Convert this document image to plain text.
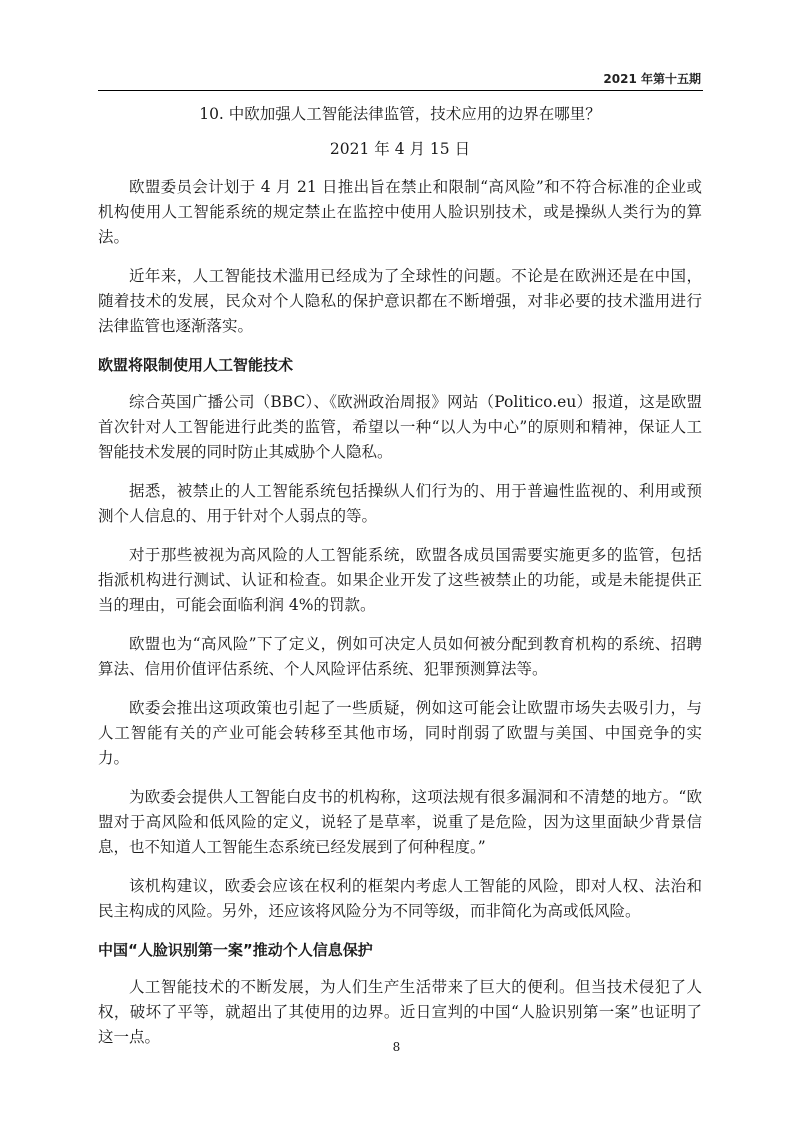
2021 年第十五期

10. 中欧加强人工智能法律监管，技术应用的边界在哪里？

2021 年 4 月 15 日

欧盟委员会计划于 4 月 21 日推出旨在禁止和限制“高风险”和不符合标准的企业或机构使用人工智能系统的规定禁止在监控中使用人脸识别技术，或是操纵人类行为的算法。

近年来，人工智能技术滥用已经成为了全球性的问题。不论是在欧洲还是在中国，随着技术的发展，民众对个人隐私的保护意识都在不断增强，对非必要的技术滥用进行法律监管也逐渐落实。

欧盟将限制使用人工智能技术

综合英国广播公司（BBC）、《欧洲政治周报》网站（Politico.eu）报道，这是欧盟首次针对人工智能进行此类的监管，希望以一种“以人为中心”的原则和精神，保证人工智能技术发展的同时防止其威胁个人隐私。

据悉，被禁止的人工智能系统包括操纵人们行为的、用于普遍性监视的、利用或预测个人信息的、用于针对个人弱点的等。

对于那些被视为高风险的人工智能系统，欧盟各成员国需要实施更多的监管，包括指派机构进行测试、认证和检查。如果企业开发了这些被禁止的功能，或是未能提供正当的理由，可能会面临利润 4%的罚款。

欧盟也为“高风险”下了定义，例如可决定人员如何被分配到教育机构的系统、招聘算法、信用价值评估系统、个人风险评估系统、犯罪预测算法等。

欧委会推出这项政策也引起了一些质疑，例如这可能会让欧盟市场失去吸引力，与人工智能有关的产业可能会转移至其他市场，同时削弱了欧盟与美国、中国竞争的实力。

为欧委会提供人工智能白皮书的机构称，这项法规有很多漏洞和不清楚的地方。“欧盟对于高风险和低风险的定义，说轻了是草率，说重了是危险，因为这里面缺少背景信息，也不知道人工智能生态系统已经发展到了何种程度。”

该机构建议，欧委会应该在权利的框架内考虑人工智能的风险，即对人权、法治和民主构成的风险。另外，还应该将风险分为不同等级，而非简化为高或低风险。

中国“人脸识别第一案”推动个人信息保护

人工智能技术的不断发展，为人们生产生活带来了巨大的便利。但当技术侵犯了人权，破坏了平等，就超出了其使用的边界。近日宣判的中国“人脸识别第一案”也证明了这一点。

8
